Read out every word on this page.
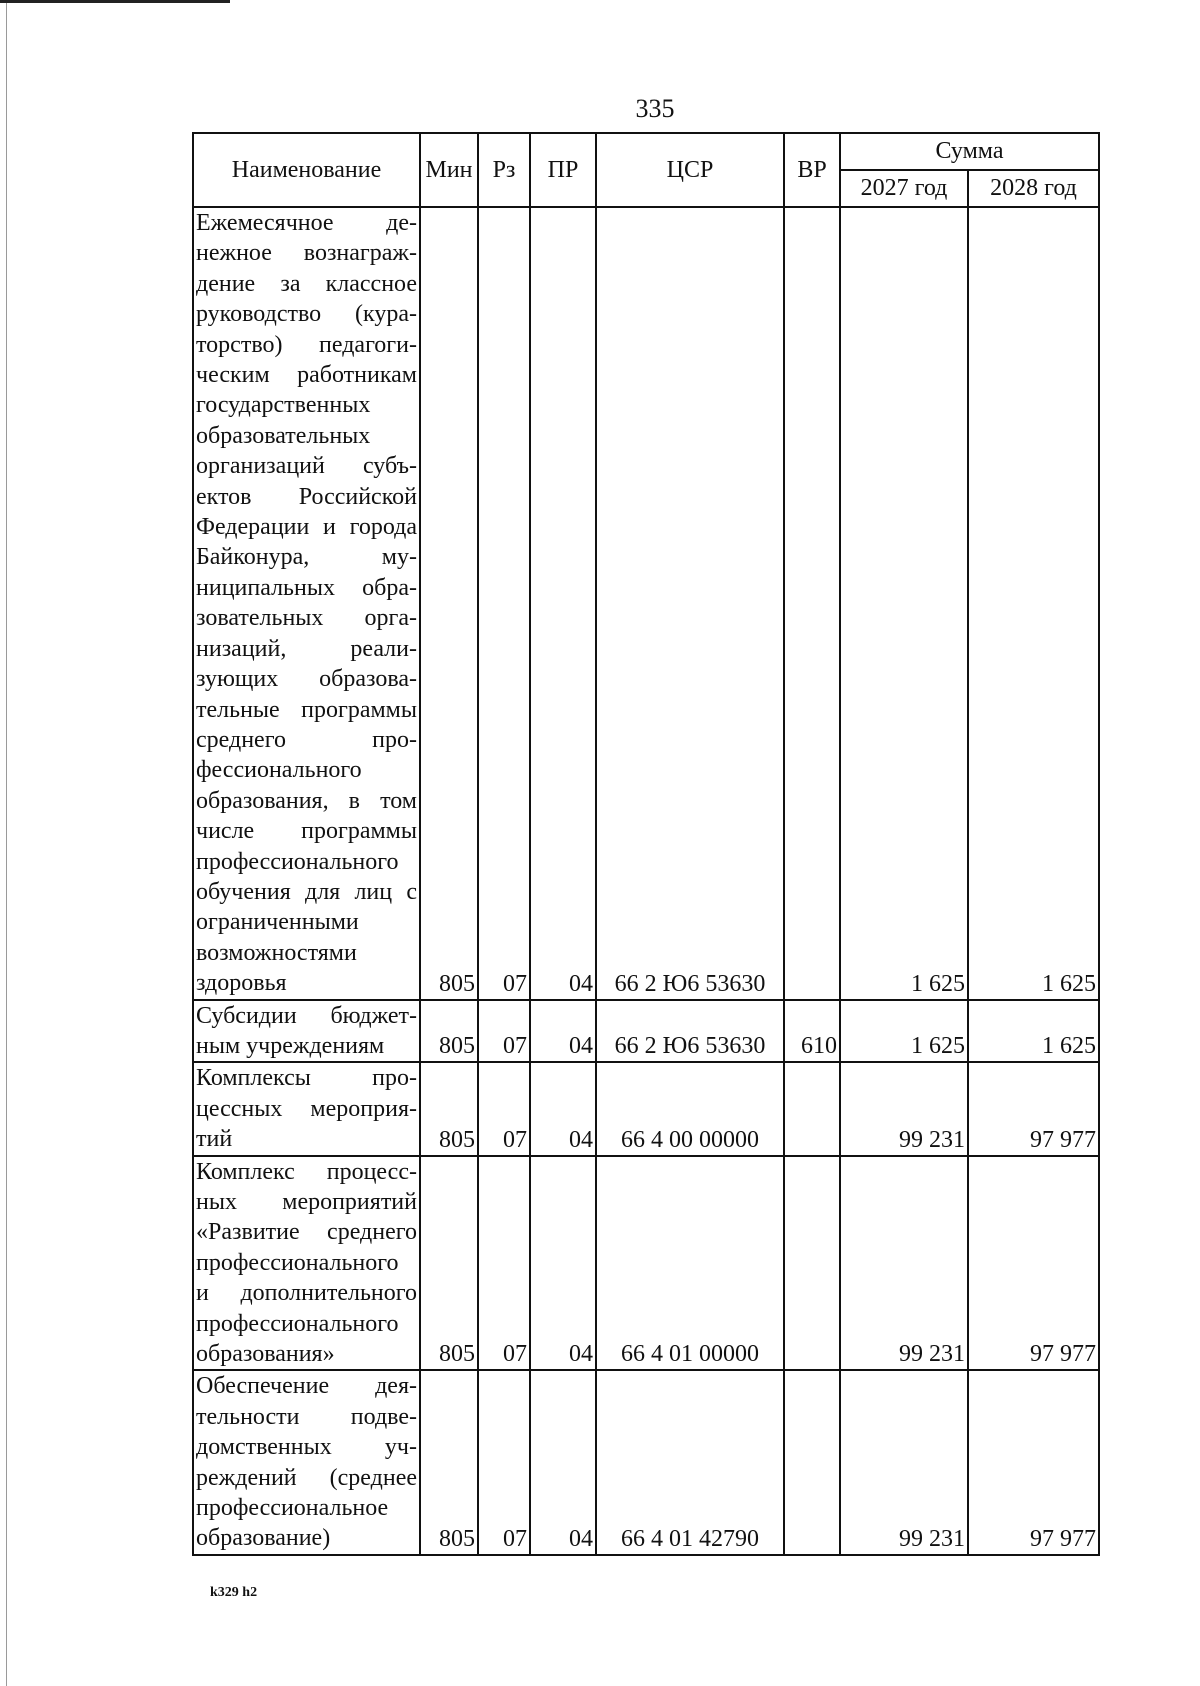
335
Наименование	Мин	Рз	ПР	ЦСР	ВР	Сумма	
						2027 год	2028 год
Ежемесячное денежное вознаграждение за классное руководство (кураторство) педагогическим работникам государственных образовательных организаций субъектов Российской Федерации и города Байконура, муниципальных образовательных организаций, реализующих образовательные программы среднего профессионального образования, в том числе программы профессионального обучения для лиц с ограниченными возможностями здоровья	805	07	04	66 2 Ю6 53630		1 625	1 625
Субсидии бюджетным учреждениям	805	07	04	66 2 Ю6 53630	610	1 625	1 625
Комплексы процессных мероприятий	805	07	04	66 4 00 00000		99 231	97 977
Комплекс процессных мероприятий «Развитие среднего профессионального и дополнительного профессионального образования»	805	07	04	66 4 01 00000		99 231	97 977
Обеспечение деятельности подведомственных учреждений (среднее профессиональное образование)	805	07	04	66 4 01 42790		99 231	97 977
k329 h2
